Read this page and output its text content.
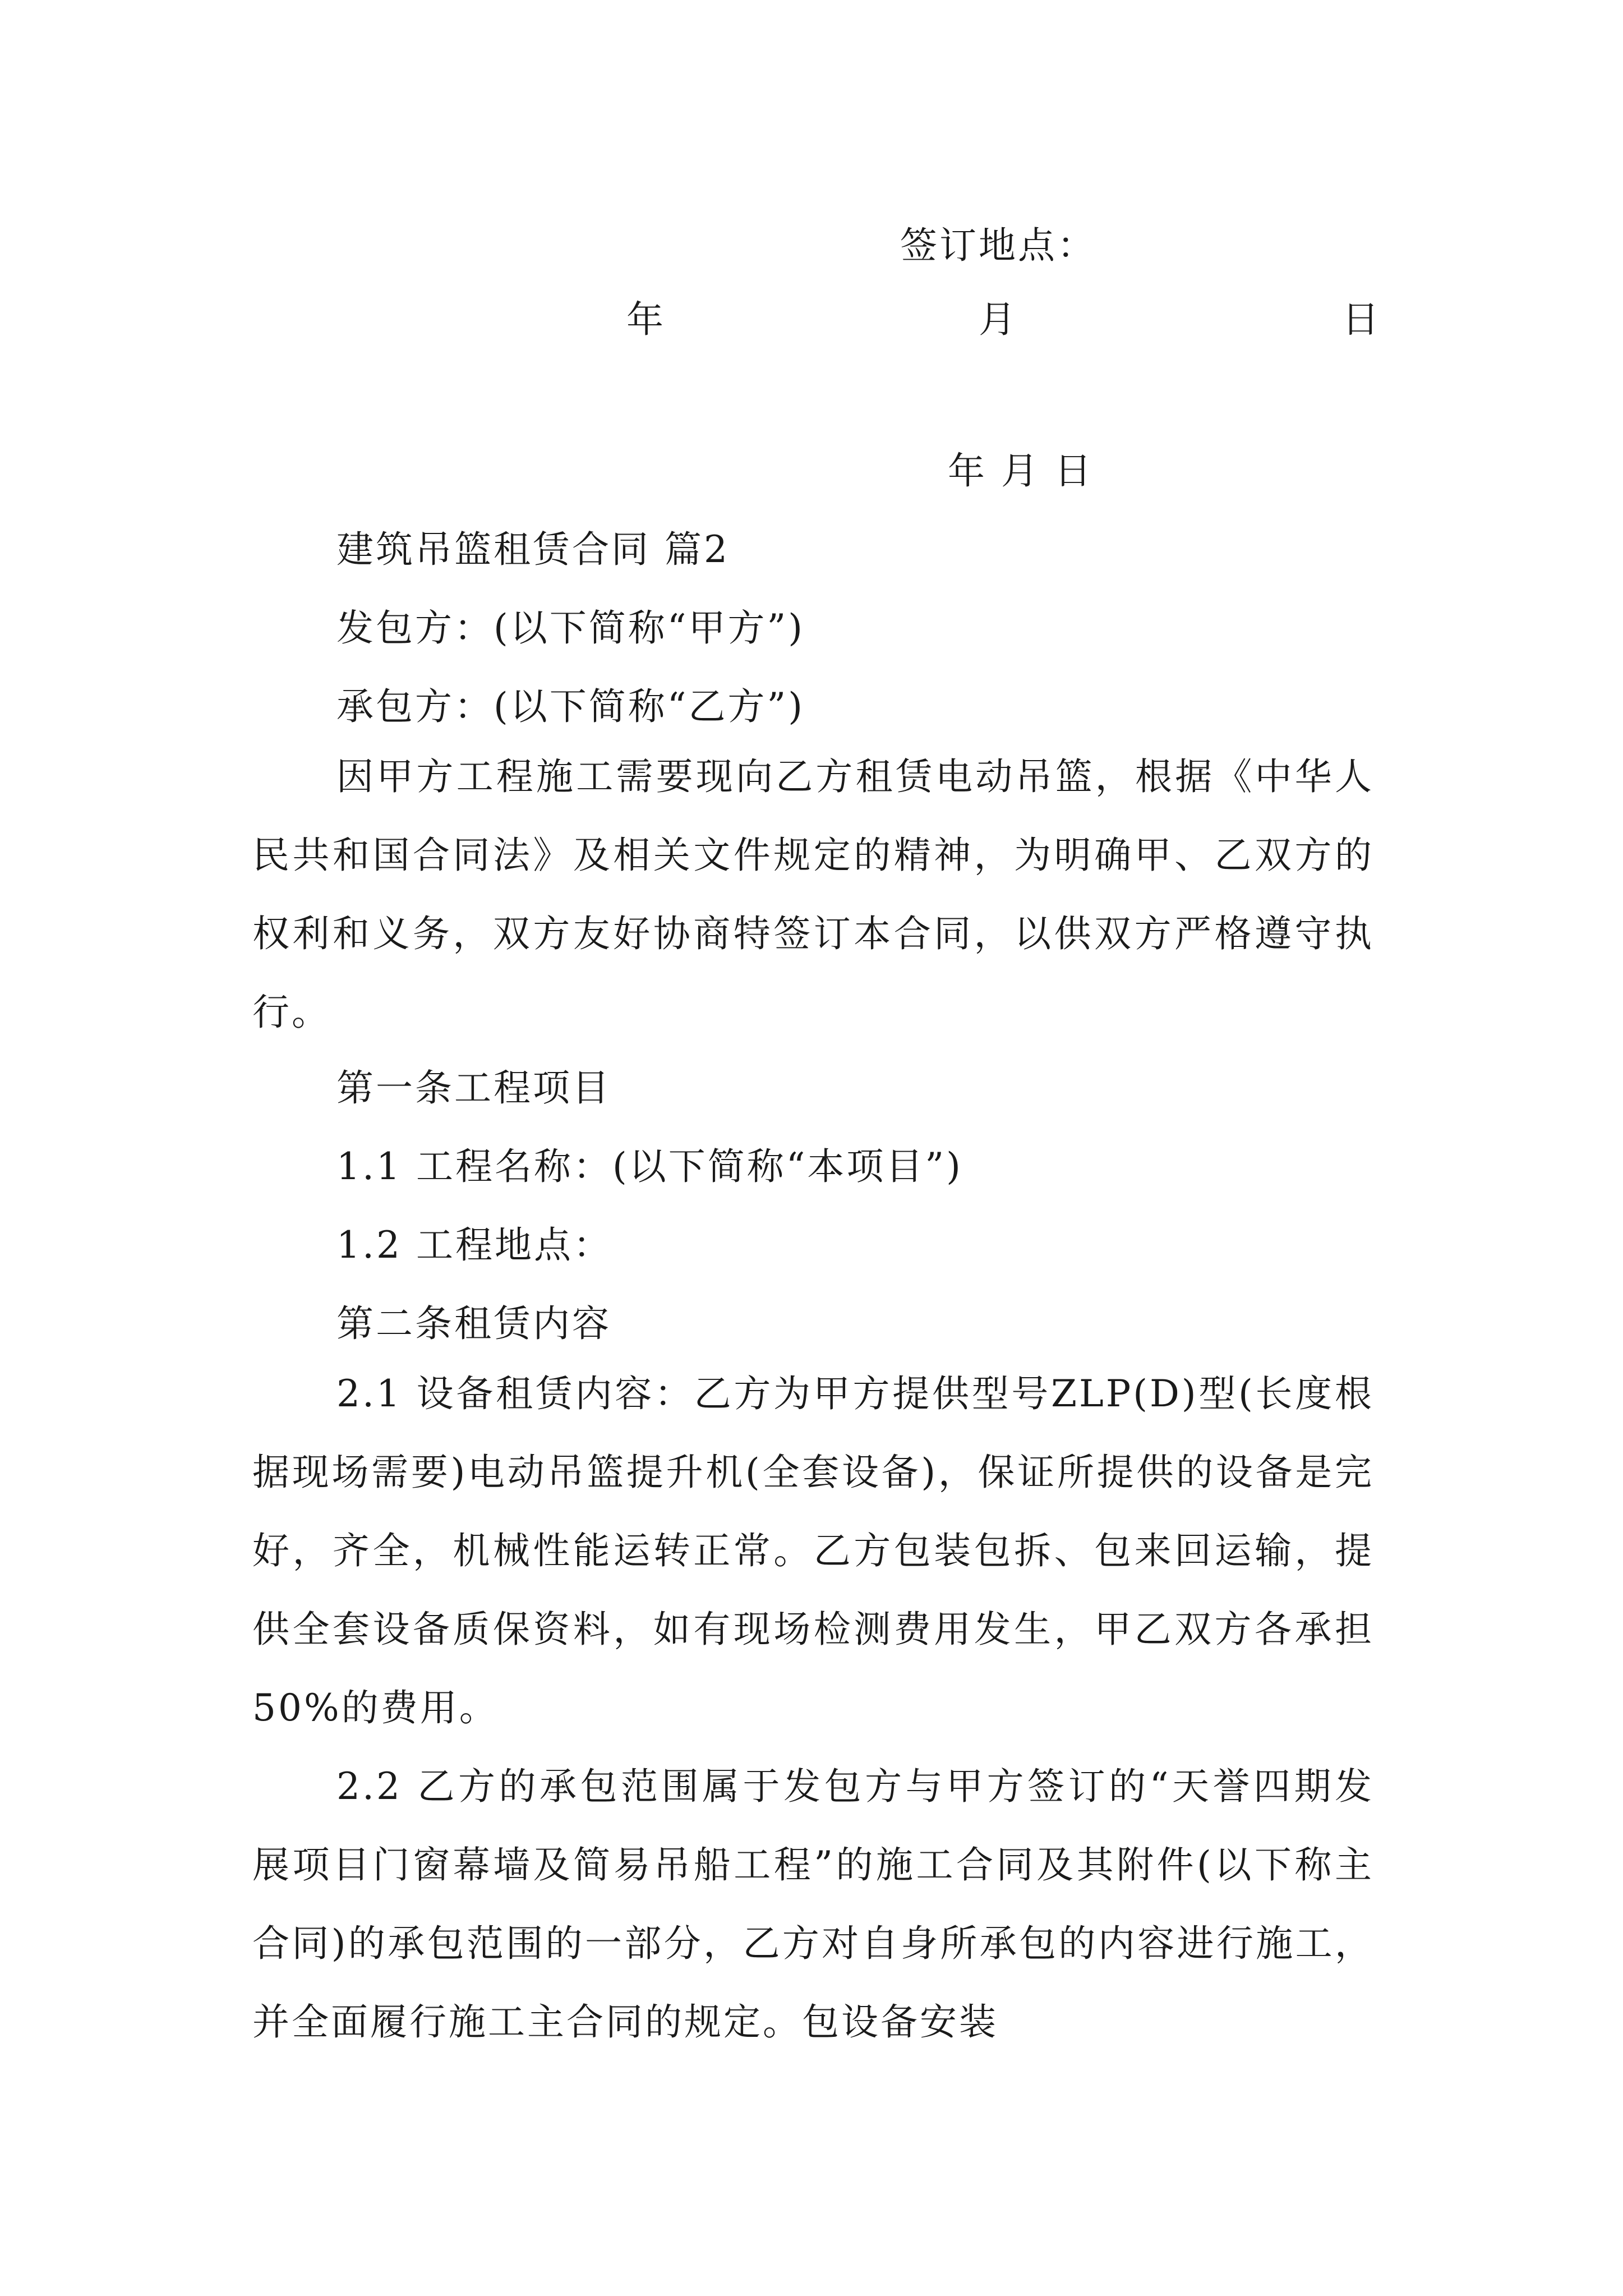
签订地点：
年	月	日
年 月 日
建筑吊篮租赁合同 篇2
发包方：(以下简称“甲方”)
承包方：(以下简称“乙方”)
因甲方工程施工需要现向乙方租赁电动吊篮，根据《中华人民共和国合同法》及相关文件规定的精神，为明确甲、乙双方的权利和义务，双方友好协商特签订本合同，以供双方严格遵守执行。
第一条工程项目
1.1 工程名称：(以下简称“本项目”)
1.2 工程地点：
第二条租赁内容
2.1 设备租赁内容：乙方为甲方提供型号ZLP(D)型(长度根据现场需要)电动吊篮提升机(全套设备)，保证所提供的设备是完好，齐全，机械性能运转正常。乙方包装包拆、包来回运输，提供全套设备质保资料，如有现场检测费用发生，甲乙双方各承担50%的费用。
2.2 乙方的承包范围属于发包方与甲方签订的“天誉四期发展项目门窗幕墙及简易吊船工程”的施工合同及其附件(以下称主合同)的承包范围的一部分，乙方对自身所承包的内容进行施工，并全面履行施工主合同的规定。包设备安装
